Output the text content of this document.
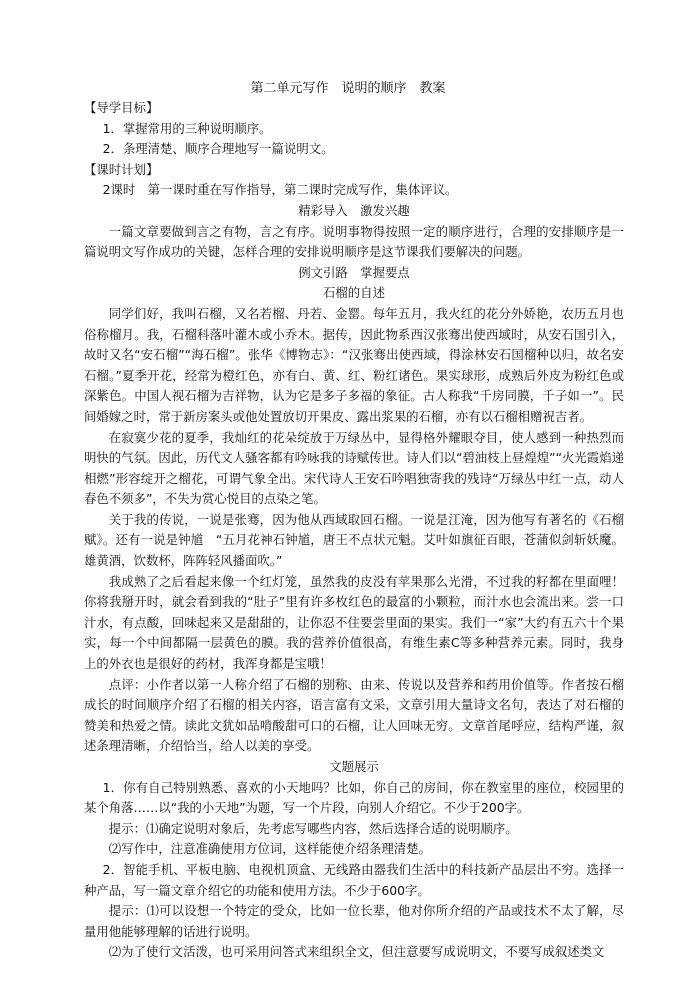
第二单元写作　说明的顺序　教案

【导学目标】

1．掌握常用的三种说明顺序。

2．条理清楚、顺序合理地写一篇说明文。

【课时计划】

2课时　第一课时重在写作指导，第二课时完成写作，集体评议。

精彩导入　激发兴趣

一篇文章要做到言之有物，言之有序。说明事物得按照一定的顺序进行，合理的安排顺序是一篇说明文写作成功的关键，怎样合理的安排说明顺序是这节课我们要解决的问题。

例文引路　掌握要点

石榴的自述

同学们好，我叫石榴，又名若榴、丹若、金罂。每年五月，我火红的花分外娇艳，农历五月也俗称榴月。我，石榴科落叶灌木或小乔木。据传，因此物系西汉张骞出使西域时，从安石国引入，故时又名“安石榴”“海石榴”。张华《博物志》：“汉张骞出使西域，得涂林安石国榴种以归，故名安石榴。”夏季开花，经常为橙红色，亦有白、黄、红、粉红诸色。果实球形，成熟后外皮为粉红色或深紫色。中国人视石榴为吉祥物，认为它是多子多福的象征。古人称我“千房同膜，千子如一”。民间婚嫁之时，常于新房案头或他处置放切开果皮、露出浆果的石榴，亦有以石榴相赠祝吉者。

在寂寞少花的夏季，我灿红的花朵绽放于万绿丛中，显得格外耀眼夺目，使人感到一种热烈而明快的气氛。因此，历代文人骚客都有吟咏我的诗赋传世。诗人们以“碧油枝上昼煌煌”“火光霞焰递相燃”形容绽开之榴花，可谓气象全出。宋代诗人王安石吟唱独寄我的残诗“万绿丛中红一点，动人春色不须多”，不失为赏心悦目的点染之笔。

关于我的传说，一说是张骞，因为他从西域取回石榴。一说是江淹，因为他写有著名的《石榴赋》。还有一说是钟馗　“五月花神石钟馗，唐王不点状元魁。艾叶如旗征百眼，苍蒲似剑斩妖魔。雄黄酒，饮数杯，阵阵轻风播面吹。”

我成熟了之后看起来像一个红灯笼，虽然我的皮没有苹果那么光滑，不过我的籽都在里面哩！你将我掰开时，就会看到我的“肚子”里有许多枚红色的最富的小颗粒，而汁水也会流出来。尝一口汁水，有点酸，回味起来又是甜甜的，让你忍不住要尝里面的果实。我们一“家”大约有五六十个果实，每一个中间都隔一层黄色的膜。我的营养价值很高，有维生素C等多种营养元素。同时，我身上的外衣也是很好的药材，我浑身都是宝哦！

点评：小作者以第一人称介绍了石榴的别称、由来、传说以及营养和药用价值等。作者按石榴成长的时间顺序介绍了石榴的相关内容，语言富有文采，文章引用大量诗文名句，表达了对石榴的赞美和热爱之情。读此文犹如品啃酸甜可口的石榴，让人回味无穷。文章首尾呼应，结构严谨，叙述条理清晰，介绍恰当，给人以美的享受。

文题展示

1．你有自己特别熟悉、喜欢的小天地吗？比如，你自己的房间，你在教室里的座位，校园里的某个角落……以“我的小天地”为题，写一个片段，向别人介绍它。不少于200字。

提示：⑴确定说明对象后，先考虑写哪些内容，然后选择合适的说明顺序。

⑵写作中，注意准确使用方位词，这样能使介绍条理清楚。

2．智能手机、平板电脑、电视机顶盒、无线路由器我们生活中的科技新产品层出不穷。选择一种产品，写一篇文章介绍它的功能和使用方法。不少于600字。

提示：⑴可以设想一个特定的受众，比如一位长辈，他对你所介绍的产品或技术不太了解，尽量用他能够理解的话进行说明。

⑵为了使行文活泼，也可采用问答式来组织全文，但注意要写成说明文，不要写成叙述类文
